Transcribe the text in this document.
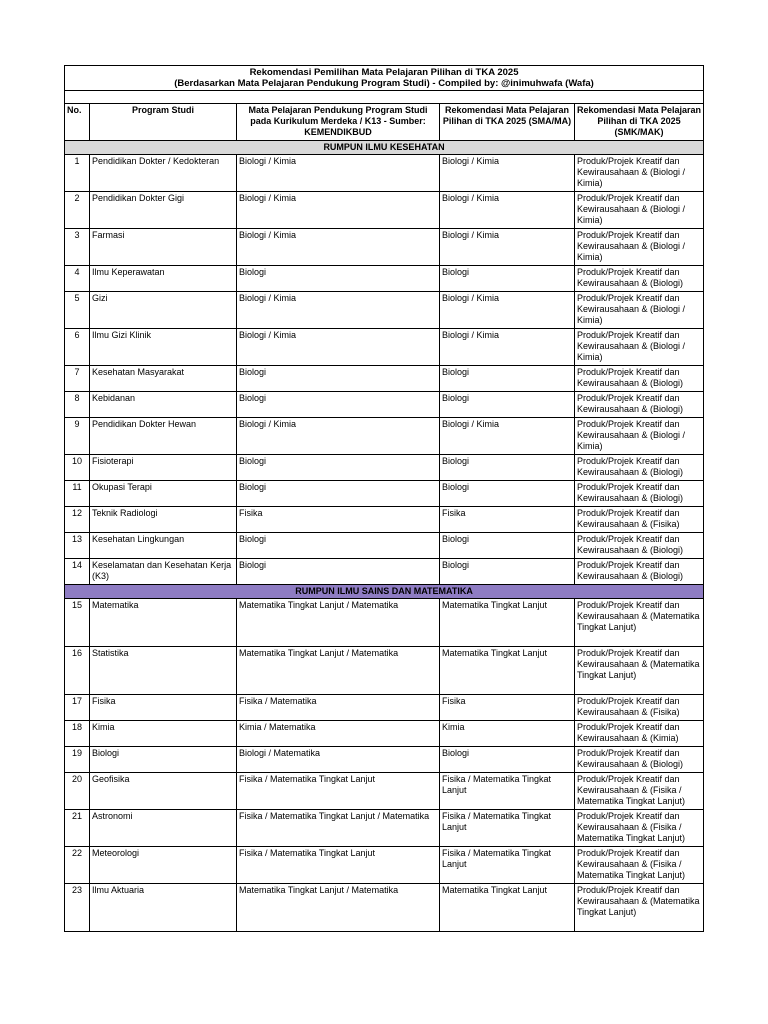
Rekomendasi Pemilihan Mata Pelajaran Pilihan di TKA 2025
(Berdasarkan Mata Pelajaran Pendukung Program Studi) - Compiled by: @inimuhwafa (Wafa)				

No.	Program Studi	Mata Pelajaran Pendukung Program Studi pada Kurikulum Merdeka / K13 - Sumber: KEMENDIKBUD	Rekomendasi Mata Pelajaran Pilihan di TKA 2025 (SMA/MA)	Rekomendasi Mata Pelajaran Pilihan di TKA 2025 (SMK/MAK)
RUMPUN ILMU KESEHATAN				
1	Pendidikan Dokter / Kedokteran	Biologi / Kimia	Biologi / Kimia	Produk/Projek Kreatif dan Kewirausahaan & (Biologi / Kimia)
2	Pendidikan Dokter Gigi	Biologi / Kimia	Biologi / Kimia	Produk/Projek Kreatif dan Kewirausahaan & (Biologi / Kimia)
3	Farmasi	Biologi / Kimia	Biologi / Kimia	Produk/Projek Kreatif dan Kewirausahaan & (Biologi / Kimia)
4	Ilmu Keperawatan	Biologi	Biologi	Produk/Projek Kreatif dan Kewirausahaan & (Biologi)
5	Gizi	Biologi / Kimia	Biologi / Kimia	Produk/Projek Kreatif dan Kewirausahaan & (Biologi / Kimia)
6	Ilmu Gizi Klinik	Biologi / Kimia	Biologi / Kimia	Produk/Projek Kreatif dan Kewirausahaan & (Biologi / Kimia)
7	Kesehatan Masyarakat	Biologi	Biologi	Produk/Projek Kreatif dan Kewirausahaan & (Biologi)
8	Kebidanan	Biologi	Biologi	Produk/Projek Kreatif dan Kewirausahaan & (Biologi)
9	Pendidikan Dokter Hewan	Biologi / Kimia	Biologi / Kimia	Produk/Projek Kreatif dan Kewirausahaan & (Biologi / Kimia)
10	Fisioterapi	Biologi	Biologi	Produk/Projek Kreatif dan Kewirausahaan & (Biologi)
11	Okupasi Terapi	Biologi	Biologi	Produk/Projek Kreatif dan Kewirausahaan & (Biologi)
12	Teknik Radiologi	Fisika	Fisika	Produk/Projek Kreatif dan Kewirausahaan & (Fisika)
13	Kesehatan Lingkungan	Biologi	Biologi	Produk/Projek Kreatif dan Kewirausahaan & (Biologi)
14	Keselamatan dan Kesehatan Kerja (K3)	Biologi	Biologi	Produk/Projek Kreatif dan Kewirausahaan & (Biologi)
RUMPUN ILMU SAINS DAN MATEMATIKA				
15	Matematika	Matematika Tingkat Lanjut / Matematika	Matematika Tingkat Lanjut	Produk/Projek Kreatif dan Kewirausahaan & (Matematika Tingkat Lanjut)
16	Statistika	Matematika Tingkat Lanjut / Matematika	Matematika Tingkat Lanjut	Produk/Projek Kreatif dan Kewirausahaan & (Matematika Tingkat Lanjut)
17	Fisika	Fisika / Matematika	Fisika	Produk/Projek Kreatif dan Kewirausahaan & (Fisika)
18	Kimia	Kimia / Matematika	Kimia	Produk/Projek Kreatif dan Kewirausahaan & (Kimia)
19	Biologi	Biologi / Matematika	Biologi	Produk/Projek Kreatif dan Kewirausahaan & (Biologi)
20	Geofisika	Fisika / Matematika Tingkat Lanjut	Fisika / Matematika Tingkat Lanjut	Produk/Projek Kreatif dan Kewirausahaan & (Fisika / Matematika Tingkat Lanjut)
21	Astronomi	Fisika / Matematika Tingkat Lanjut / Matematika	Fisika / Matematika Tingkat Lanjut	Produk/Projek Kreatif dan Kewirausahaan & (Fisika / Matematika Tingkat Lanjut)
22	Meteorologi	Fisika / Matematika Tingkat Lanjut	Fisika / Matematika Tingkat Lanjut	Produk/Projek Kreatif dan Kewirausahaan & (Fisika / Matematika Tingkat Lanjut)
23	Ilmu Aktuaria	Matematika Tingkat Lanjut / Matematika	Matematika Tingkat Lanjut	Produk/Projek Kreatif dan Kewirausahaan & (Matematika Tingkat Lanjut)
